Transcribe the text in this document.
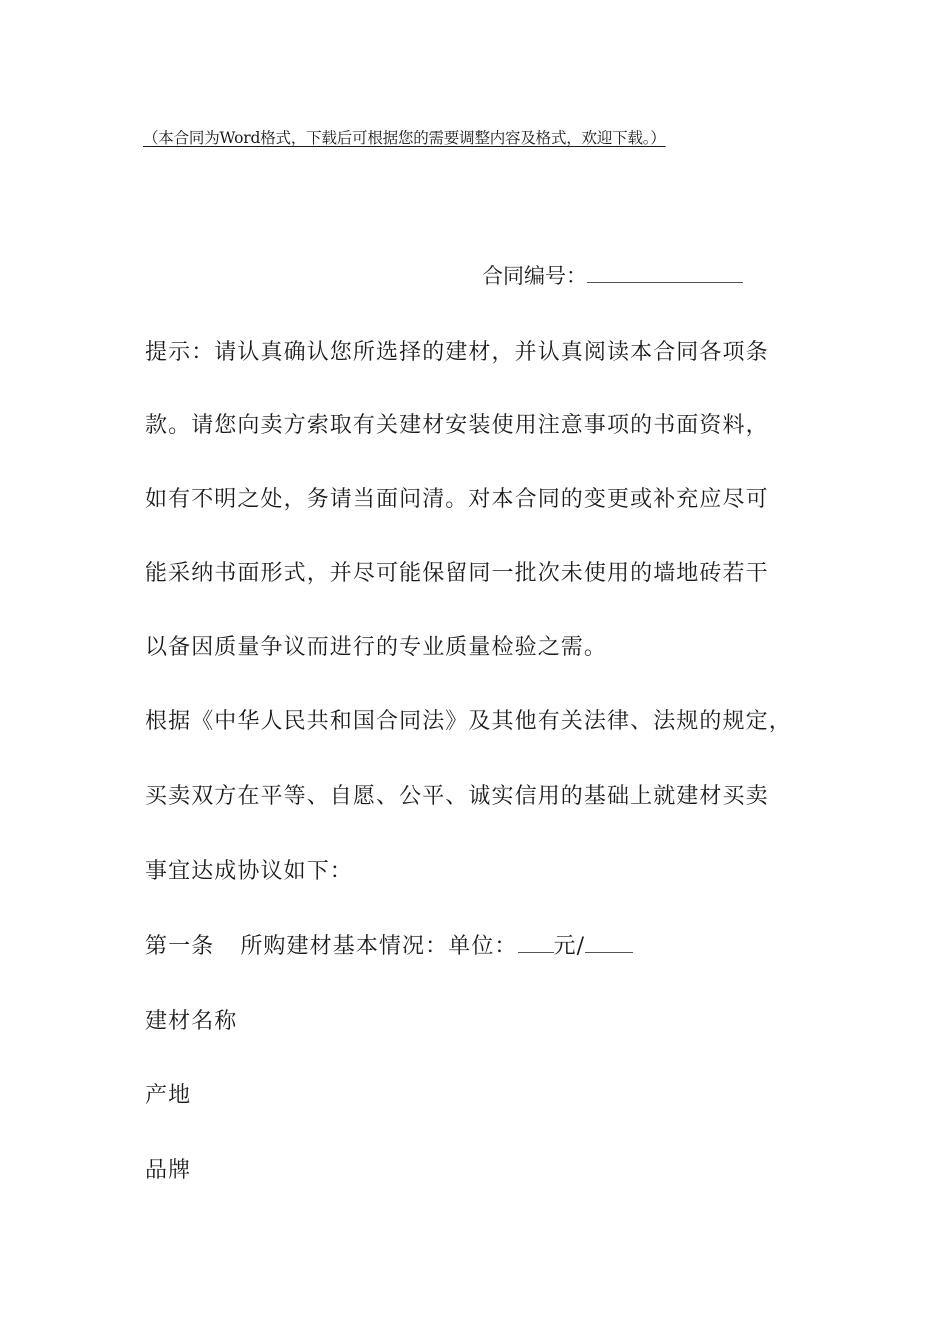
（本合同为Word格式，下载后可根据您的需要调整内容及格式，欢迎下载。）
合同编号：
提示：请认真确认您所选择的建材，并认真阅读本合同各项条
款。请您向卖方索取有关建材安装使用注意事项的书面资料，
如有不明之处，务请当面问清。对本合同的变更或补充应尽可
能采纳书面形式，并尽可能保留同一批次未使用的墙地砖若干
以备因质量争议而进行的专业质量检验之需。
根据《中华人民共和国合同法》及其他有关法律、法规的规定，
买卖双方在平等、自愿、公平、诚实信用的基础上就建材买卖
事宜达成协议如下：
第一条 所购建材基本情况：单位： 元/
建材名称
产地
品牌
